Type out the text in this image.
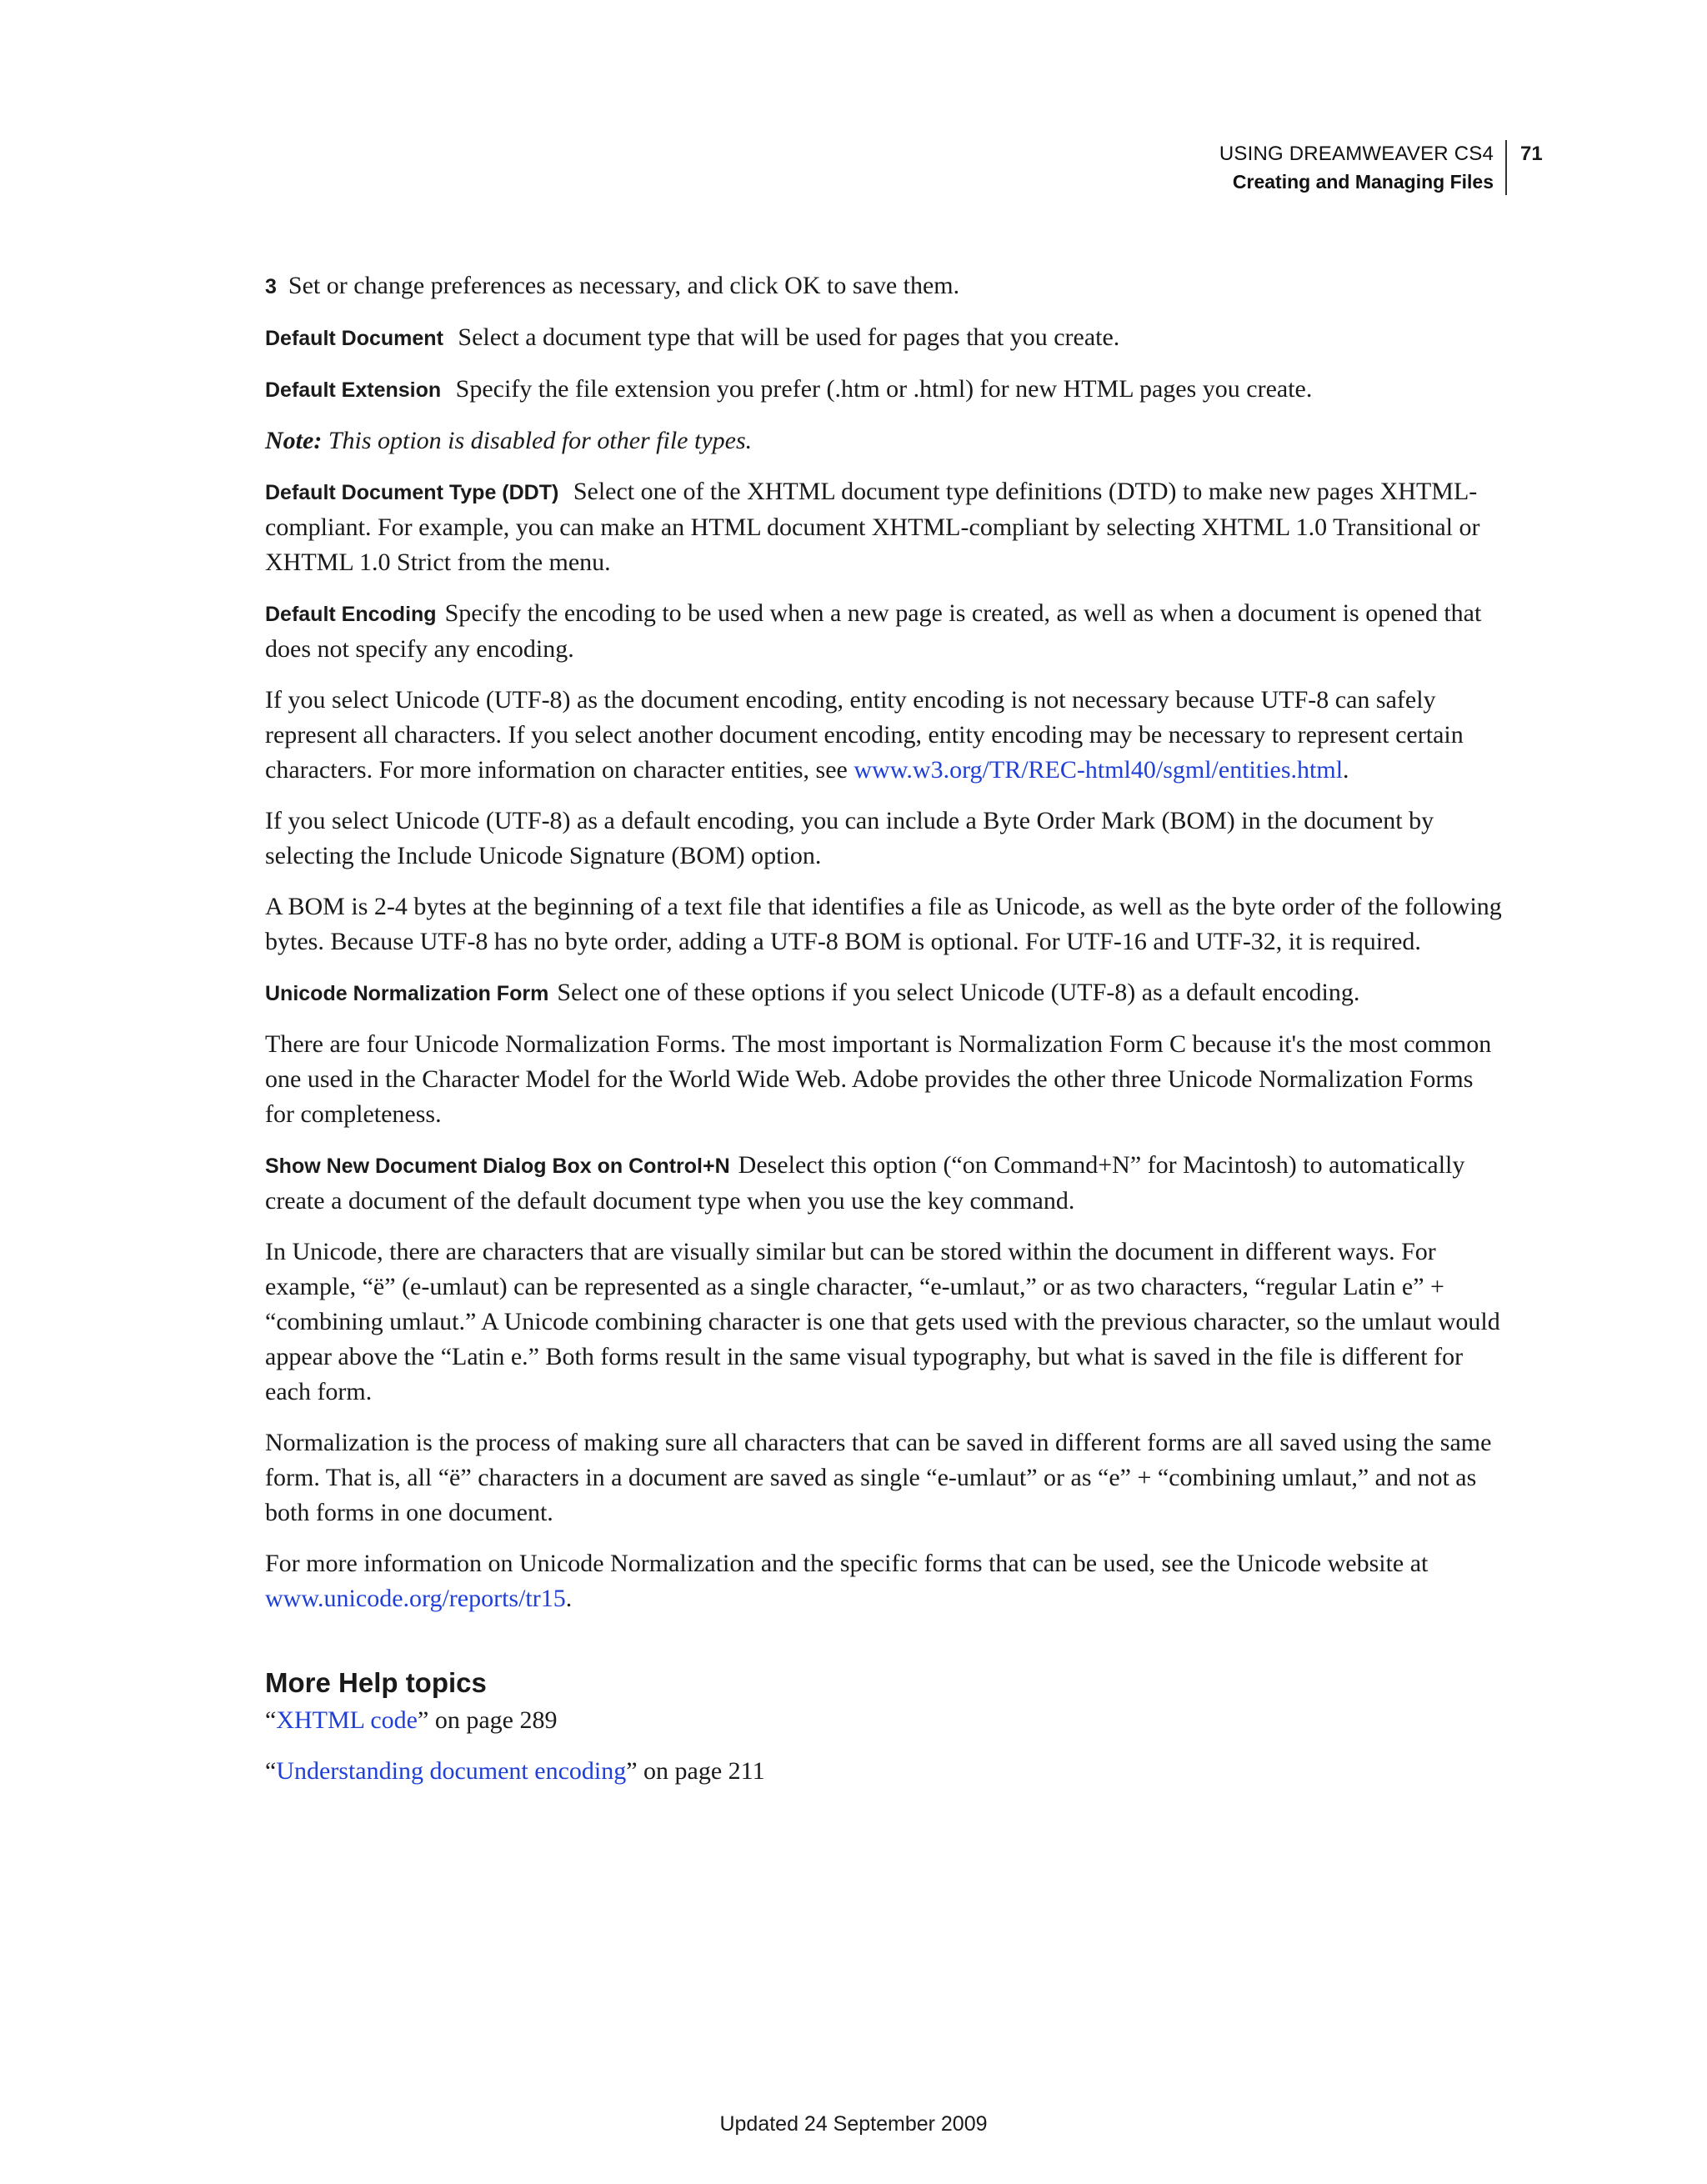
USING DREAMWEAVER CS4
Creating and Managing Files
71

3 Set or change preferences as necessary, and click OK to save them.

Default Document Select a document type that will be used for pages that you create.

Default Extension Specify the file extension you prefer (.htm or .html) for new HTML pages you create.

Note: This option is disabled for other file types.

Default Document Type (DDT) Select one of the XHTML document type definitions (DTD) to make new pages XHTML-compliant. For example, you can make an HTML document XHTML-compliant by selecting XHTML 1.0 Transitional or XHTML 1.0 Strict from the menu.

Default Encoding Specify the encoding to be used when a new page is created, as well as when a document is opened that does not specify any encoding.

If you select Unicode (UTF-8) as the document encoding, entity encoding is not necessary because UTF-8 can safely represent all characters. If you select another document encoding, entity encoding may be necessary to represent certain characters. For more information on character entities, see www.w3.org/TR/REC-html40/sgml/entities.html.

If you select Unicode (UTF-8) as a default encoding, you can include a Byte Order Mark (BOM) in the document by selecting the Include Unicode Signature (BOM) option.

A BOM is 2-4 bytes at the beginning of a text file that identifies a file as Unicode, as well as the byte order of the following bytes. Because UTF-8 has no byte order, adding a UTF-8 BOM is optional. For UTF-16 and UTF-32, it is required.

Unicode Normalization Form Select one of these options if you select Unicode (UTF-8) as a default encoding.

There are four Unicode Normalization Forms. The most important is Normalization Form C because it's the most common one used in the Character Model for the World Wide Web. Adobe provides the other three Unicode Normalization Forms for completeness.

Show New Document Dialog Box on Control+N Deselect this option (“on Command+N” for Macintosh) to automatically create a document of the default document type when you use the key command.

In Unicode, there are characters that are visually similar but can be stored within the document in different ways. For example, “ë” (e-umlaut) can be represented as a single character, “e-umlaut,” or as two characters, “regular Latin e” + “combining umlaut.” A Unicode combining character is one that gets used with the previous character, so the umlaut would appear above the “Latin e.” Both forms result in the same visual typography, but what is saved in the file is different for each form.

Normalization is the process of making sure all characters that can be saved in different forms are all saved using the same form. That is, all “ë” characters in a document are saved as single “e-umlaut” or as “e” + “combining umlaut,” and not as both forms in one document.

For more information on Unicode Normalization and the specific forms that can be used, see the Unicode website at www.unicode.org/reports/tr15.

More Help topics

“XHTML code” on page 289

“Understanding document encoding” on page 211

Updated 24 September 2009
